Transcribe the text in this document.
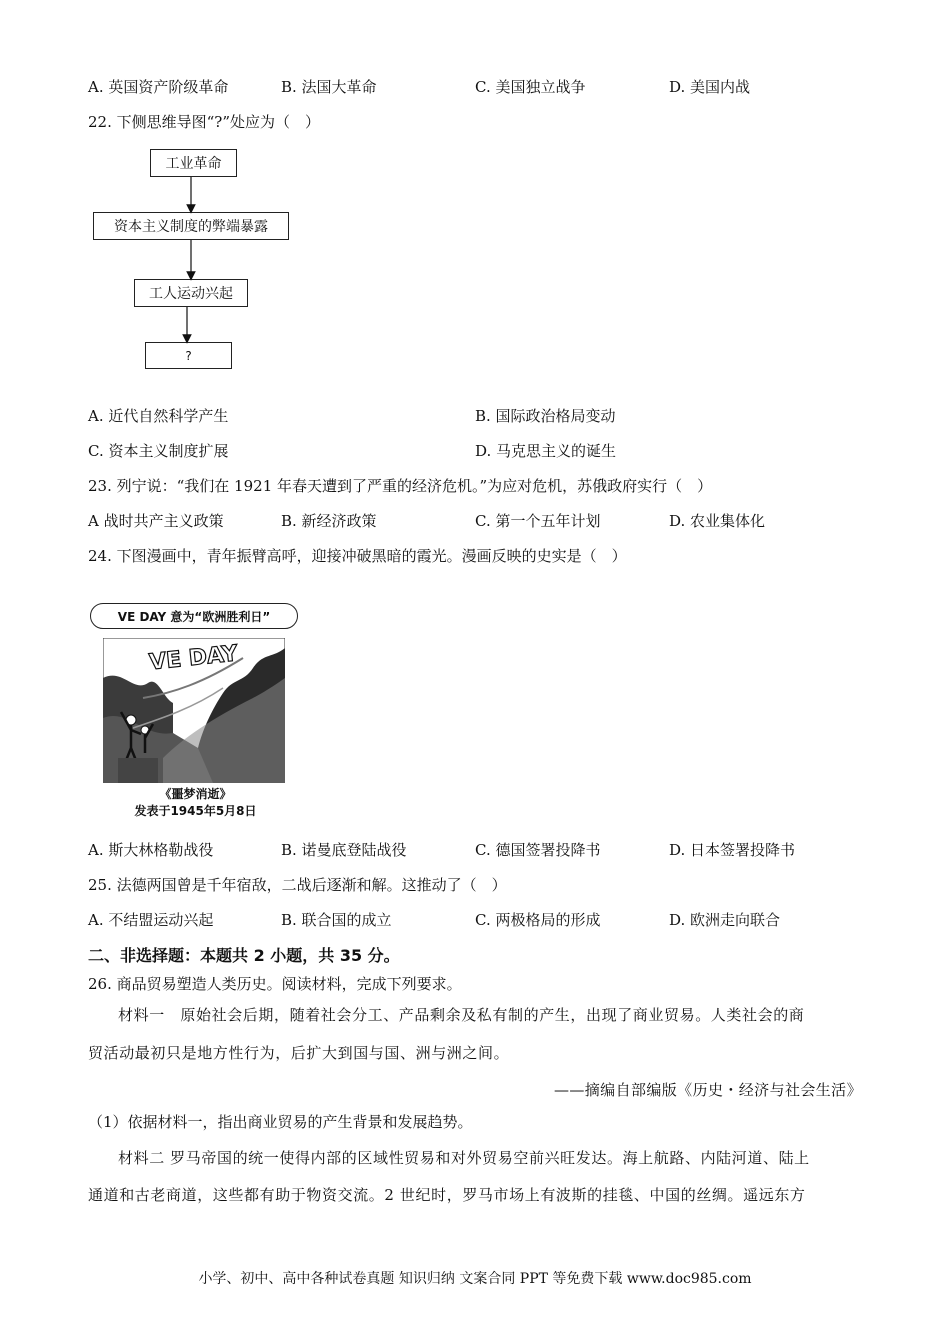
A. 英国资产阶级革命	B. 法国大革命	C. 美国独立战争	D. 美国内战
22. 下侧思维导图“?”处应为（　）
工业革命
资本主义制度的弊端暴露
工人运动兴起
?
A. 近代自然科学产生	B. 国际政治格局变动
C. 资本主义制度扩展	D. 马克思主义的诞生
23. 列宁说：“我们在 1921 年春天遭到了严重的经济危机。”为应对危机，苏俄政府实行（　）
A 战时共产主义政策	B. 新经济政策	C. 第一个五年计划	D. 农业集体化
24. 下图漫画中，青年振臂高呼，迎接冲破黑暗的霞光。漫画反映的史实是（　）
VE DAY 意为“欧洲胜利日”
VE DAY
《噩梦消逝》
发表于1945年5月8日
A. 斯大林格勒战役	B. 诺曼底登陆战役	C. 德国签署投降书	D. 日本签署投降书
25. 法德两国曾是千年宿敌，二战后逐渐和解。这推动了（　）
A. 不结盟运动兴起	B. 联合国的成立	C. 两极格局的形成	D. 欧洲走向联合
二、非选择题：本题共 2 小题，共 35 分。
26. 商品贸易塑造人类历史。阅读材料，完成下列要求。
材料一　原始社会后期，随着社会分工、产品剩余及私有制的产生，出现了商业贸易。人类社会的商
贸活动最初只是地方性行为，后扩大到国与国、洲与洲之间。
——摘编自部编版《历史・经济与社会生活》
（1）依据材料一，指出商业贸易的产生背景和发展趋势。
材料二 罗马帝国的统一使得内部的区域性贸易和对外贸易空前兴旺发达。海上航路、内陆河道、陆上
通道和古老商道，这些都有助于物资交流。2 世纪时，罗马市场上有波斯的挂毯、中国的丝绸。遥远东方
小学、初中、高中各种试卷真题 知识归纳 文案合同 PPT 等免费下载 www.doc985.com
